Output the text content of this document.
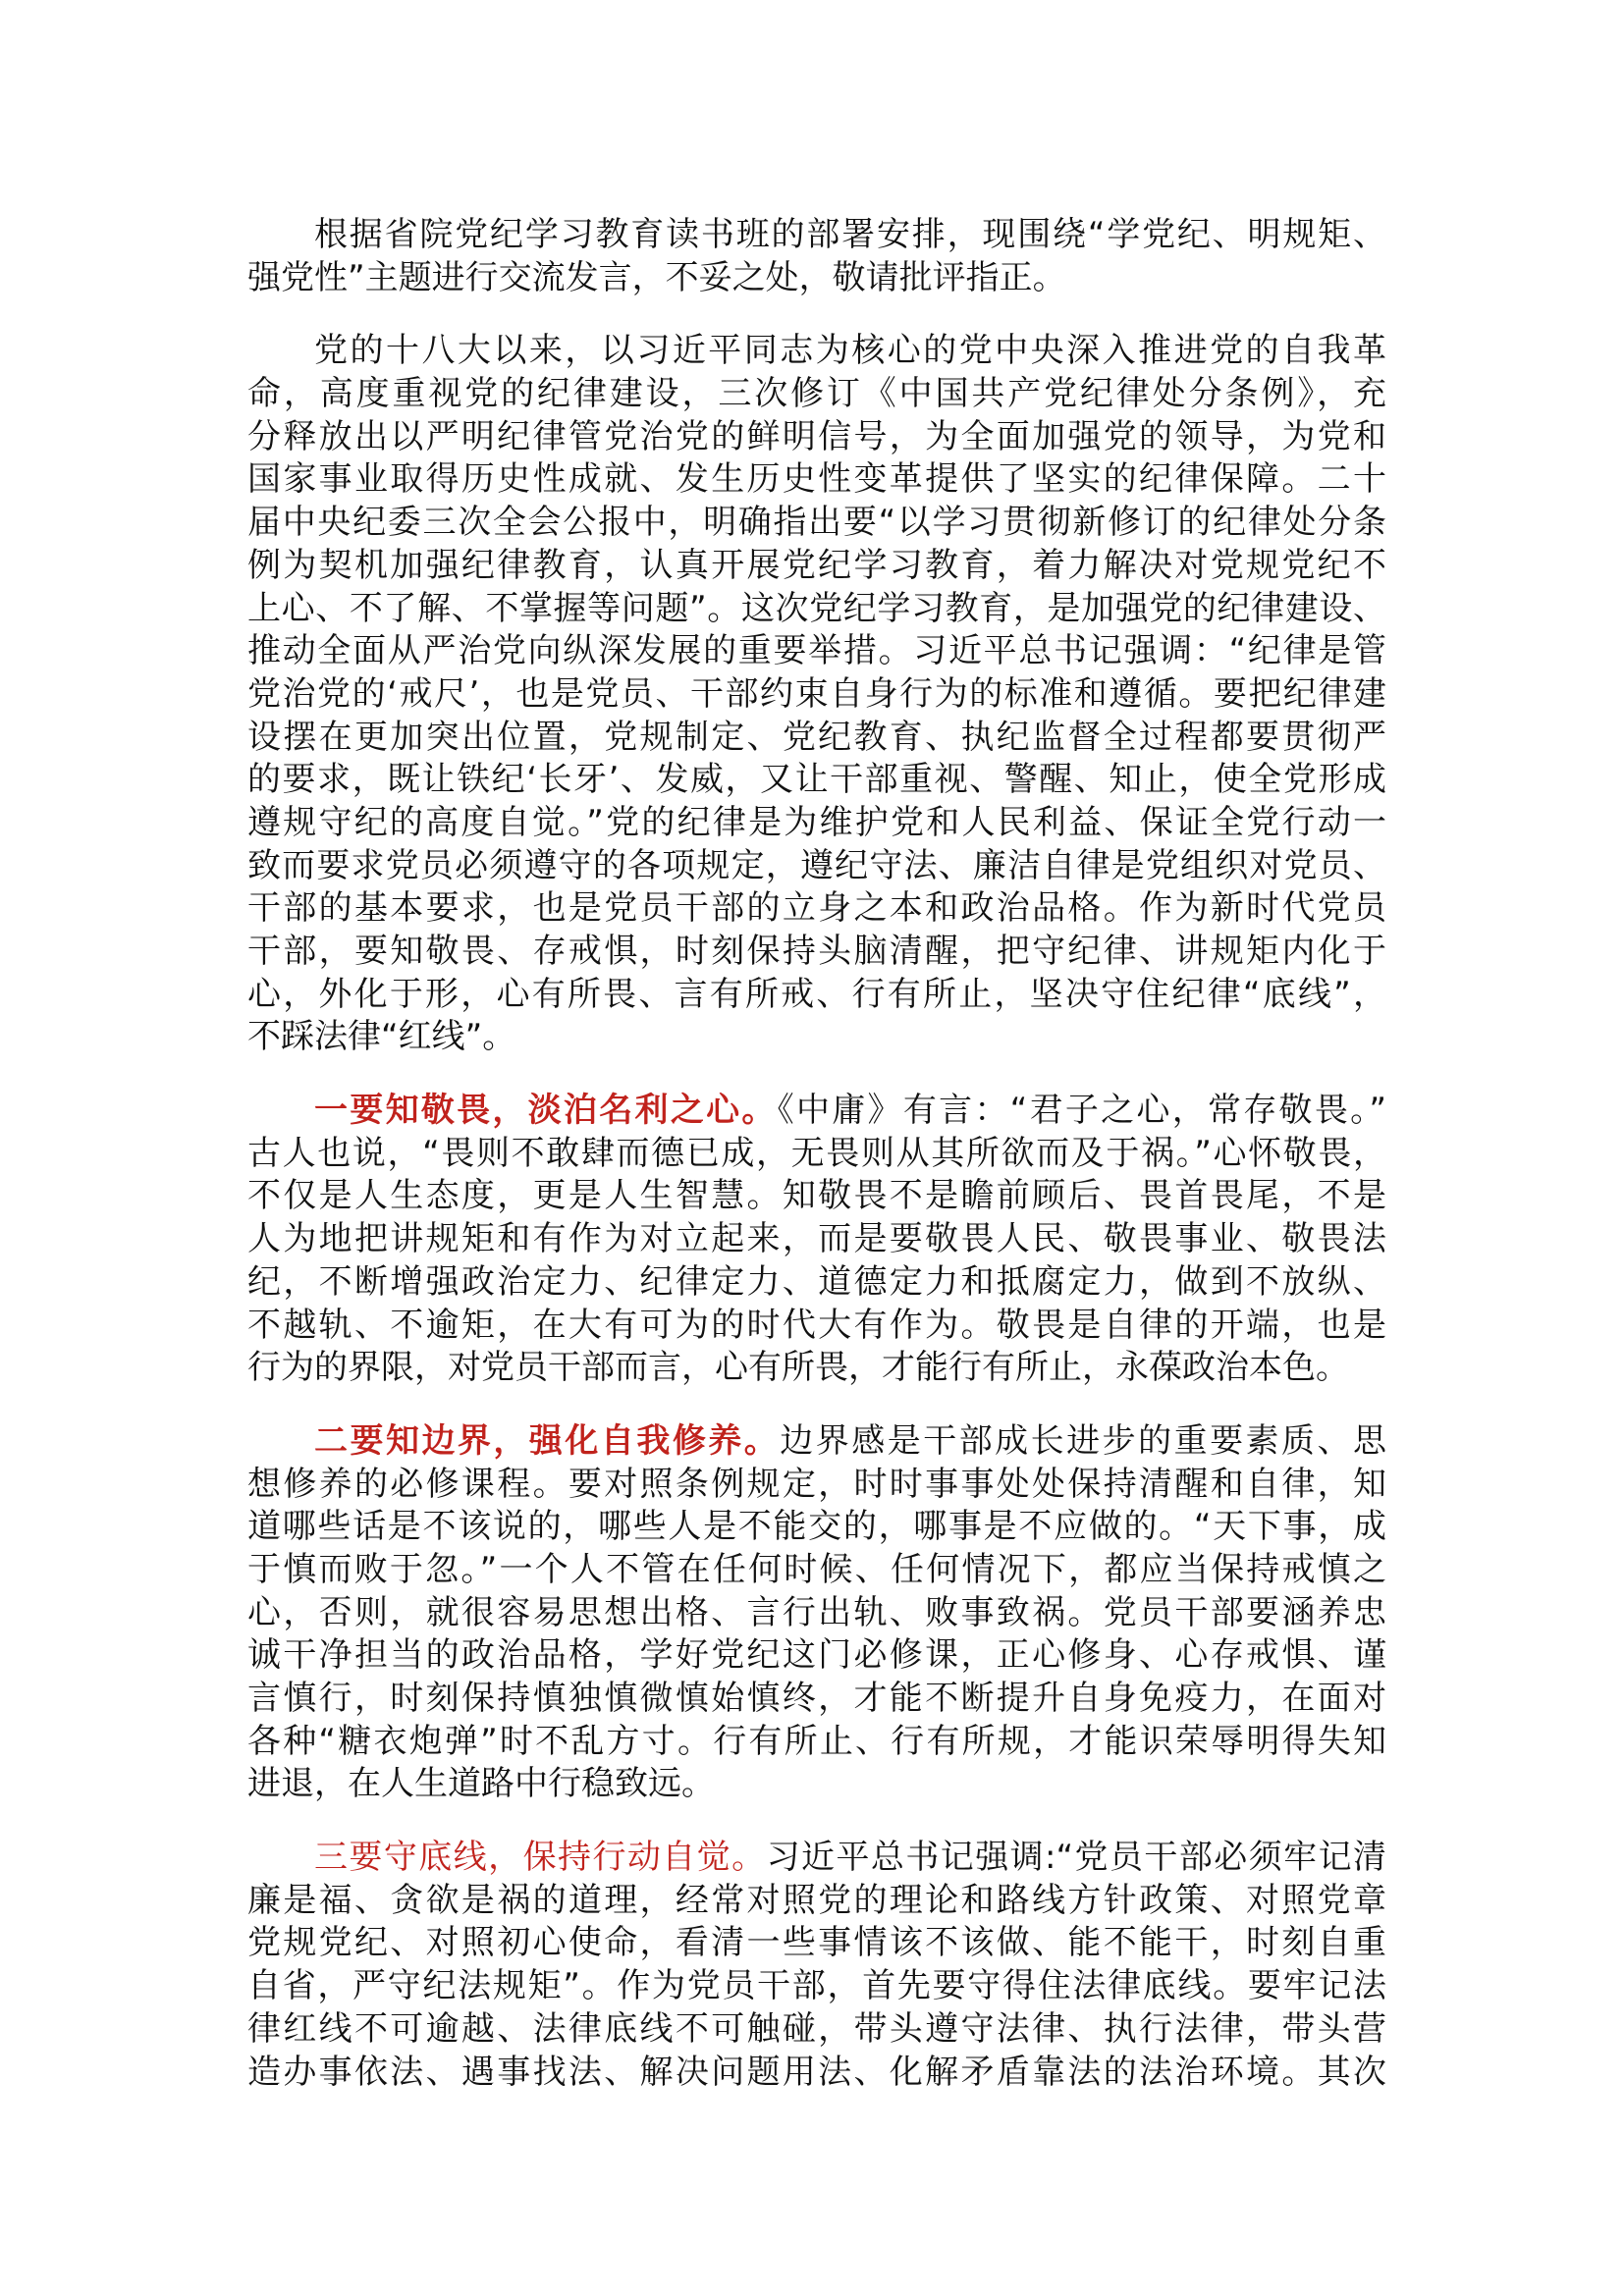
根据省院党纪学习教育读书班的部署安排，现围绕“学党纪、明规矩、
强党性”主题进行交流发言，不妥之处，敬请批评指正。
党的十八大以来，以习近平同志为核心的党中央深入推进党的自我革
命，高度重视党的纪律建设，三次修订《中国共产党纪律处分条例》，充
分释放出以严明纪律管党治党的鲜明信号，为全面加强党的领导，为党和
国家事业取得历史性成就、发生历史性变革提供了坚实的纪律保障。二十
届中央纪委三次全会公报中，明确指出要“以学习贯彻新修订的纪律处分条
例为契机加强纪律教育，认真开展党纪学习教育，着力解决对党规党纪不
上心、不了解、不掌握等问题”。这次党纪学习教育，是加强党的纪律建设、
推动全面从严治党向纵深发展的重要举措。习近平总书记强调：“纪律是管
党治党的‘戒尺’，也是党员、干部约束自身行为的标准和遵循。要把纪律建
设摆在更加突出位置，党规制定、党纪教育、执纪监督全过程都要贯彻严
的要求，既让铁纪‘长牙’、发威，又让干部重视、警醒、知止，使全党形成
遵规守纪的高度自觉。”党的纪律是为维护党和人民利益、保证全党行动一
致而要求党员必须遵守的各项规定，遵纪守法、廉洁自律是党组织对党员、
干部的基本要求，也是党员干部的立身之本和政治品格。作为新时代党员
干部，要知敬畏、存戒惧，时刻保持头脑清醒，把守纪律、讲规矩内化于
心，外化于形，心有所畏、言有所戒、行有所止，坚决守住纪律“底线”，
不踩法律“红线”。
一要知敬畏，淡泊名利之心。《中庸》有言：“君子之心，常存敬畏。”
古人也说，“畏则不敢肆而德已成，无畏则从其所欲而及于祸。”心怀敬畏，
不仅是人生态度，更是人生智慧。知敬畏不是瞻前顾后、畏首畏尾，不是
人为地把讲规矩和有作为对立起来，而是要敬畏人民、敬畏事业、敬畏法
纪，不断增强政治定力、纪律定力、道德定力和抵腐定力，做到不放纵、
不越轨、不逾矩，在大有可为的时代大有作为。敬畏是自律的开端，也是
行为的界限，对党员干部而言，心有所畏，才能行有所止，永葆政治本色。
二要知边界，强化自我修养。边界感是干部成长进步的重要素质、思
想修养的必修课程。要对照条例规定，时时事事处处保持清醒和自律，知
道哪些话是不该说的，哪些人是不能交的，哪事是不应做的。“天下事，成
于慎而败于忽。”一个人不管在任何时候、任何情况下，都应当保持戒慎之
心，否则，就很容易思想出格、言行出轨、败事致祸。党员干部要涵养忠
诚干净担当的政治品格，学好党纪这门必修课，正心修身、心存戒惧、谨
言慎行，时刻保持慎独慎微慎始慎终，才能不断提升自身免疫力，在面对
各种“糖衣炮弹”时不乱方寸。行有所止、行有所规，才能识荣辱明得失知
进退，在人生道路中行稳致远。
三要守底线，保持行动自觉。习近平总书记强调:“党员干部必须牢记清
廉是福、贪欲是祸的道理，经常对照党的理论和路线方针政策、对照党章
党规党纪、对照初心使命，看清一些事情该不该做、能不能干，时刻自重
自省，严守纪法规矩”。作为党员干部，首先要守得住法律底线。要牢记法
律红线不可逾越、法律底线不可触碰，带头遵守法律、执行法律，带头营
造办事依法、遇事找法、解决问题用法、化解矛盾靠法的法治环境。其次
